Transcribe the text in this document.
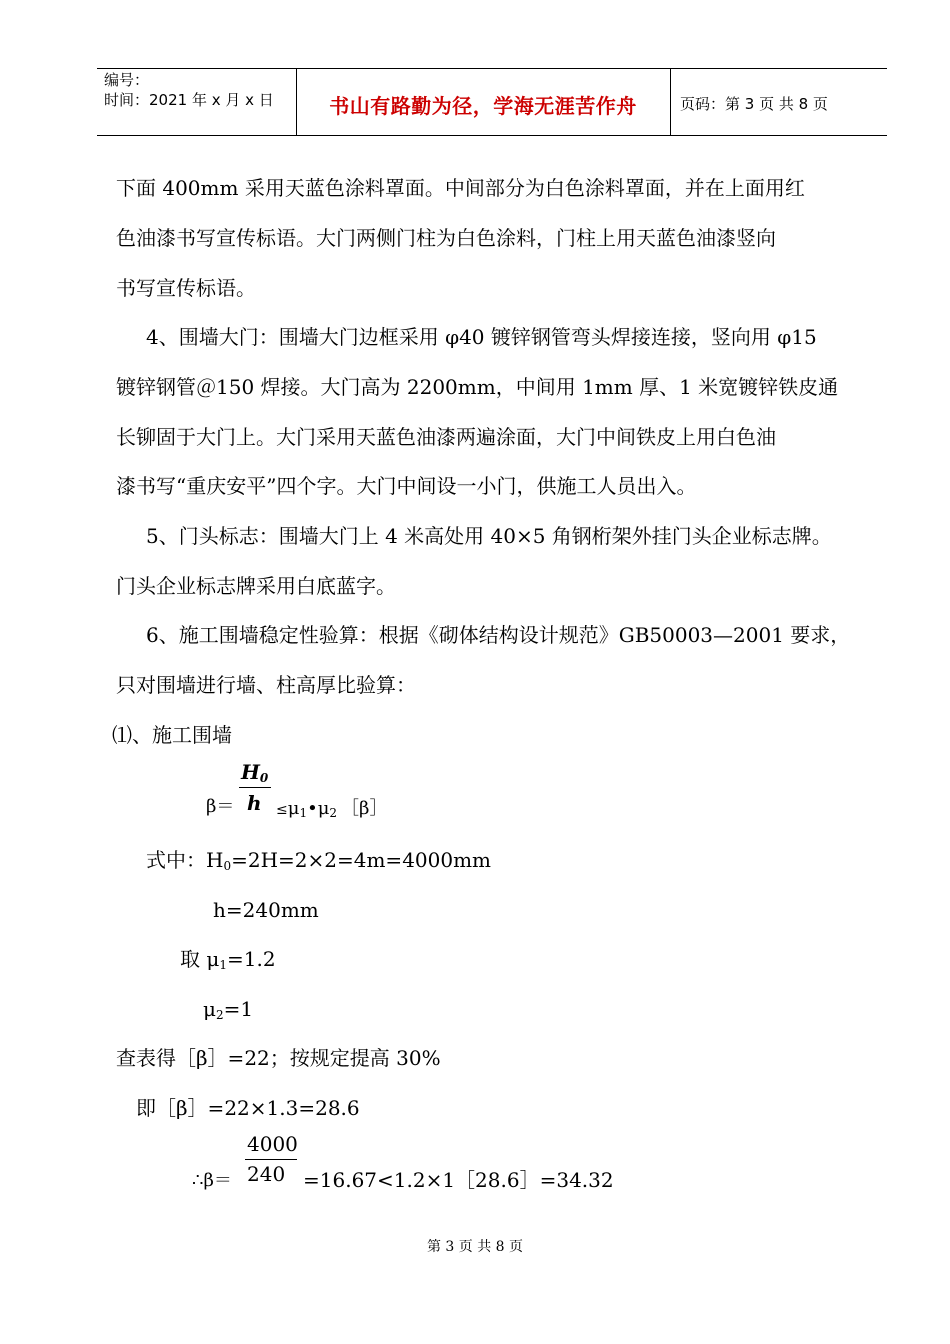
编号：
时间：2021 年 x 月 x 日	书山有路勤为径，学海无涯苦作舟	页码：第 3 页 共 8 页
下面 400mm 采用天蓝色涂料罩面。中间部分为白色涂料罩面，并在上面用红
色油漆书写宣传标语。大门两侧门柱为白色涂料，门柱上用天蓝色油漆竖向
书写宣传标语。
4、围墙大门：围墙大门边框采用 φ40 镀锌钢管弯头焊接连接，竖向用 φ15
镀锌钢管＠150 焊接。大门高为 2200mm，中间用 1mm 厚、1 米宽镀锌铁皮通
长铆固于大门上。大门采用天蓝色油漆两遍涂面，大门中间铁皮上用白色油
漆书写“重庆安平”四个字。大门中间设一小门，供施工人员出入。
5、门头标志：围墙大门上 4 米高处用 40×5 角钢桁架外挂门头企业标志牌。
门头企业标志牌采用白底蓝字。
6、施工围墙稳定性验算：根据《砌体结构设计规范》GB50003—2001 要求，
只对围墙进行墙、柱高厚比验算：
⑴、施工围墙
$H_0$
$\beta= h \le\mu_1•\mu_2$ ［β］
式中：$H_0=2H=2\times 2=4m=4000mm$
h=240mm
取 $\mu_1=1.2$
$\mu_2=1$
查表得［β］=22；按规定提高 30%
即［β］=22×1.3=28.6
4000
∴β＝ 240 =16.67<1.2×1［28.6］=34.32
第 3 页 共 8 页
